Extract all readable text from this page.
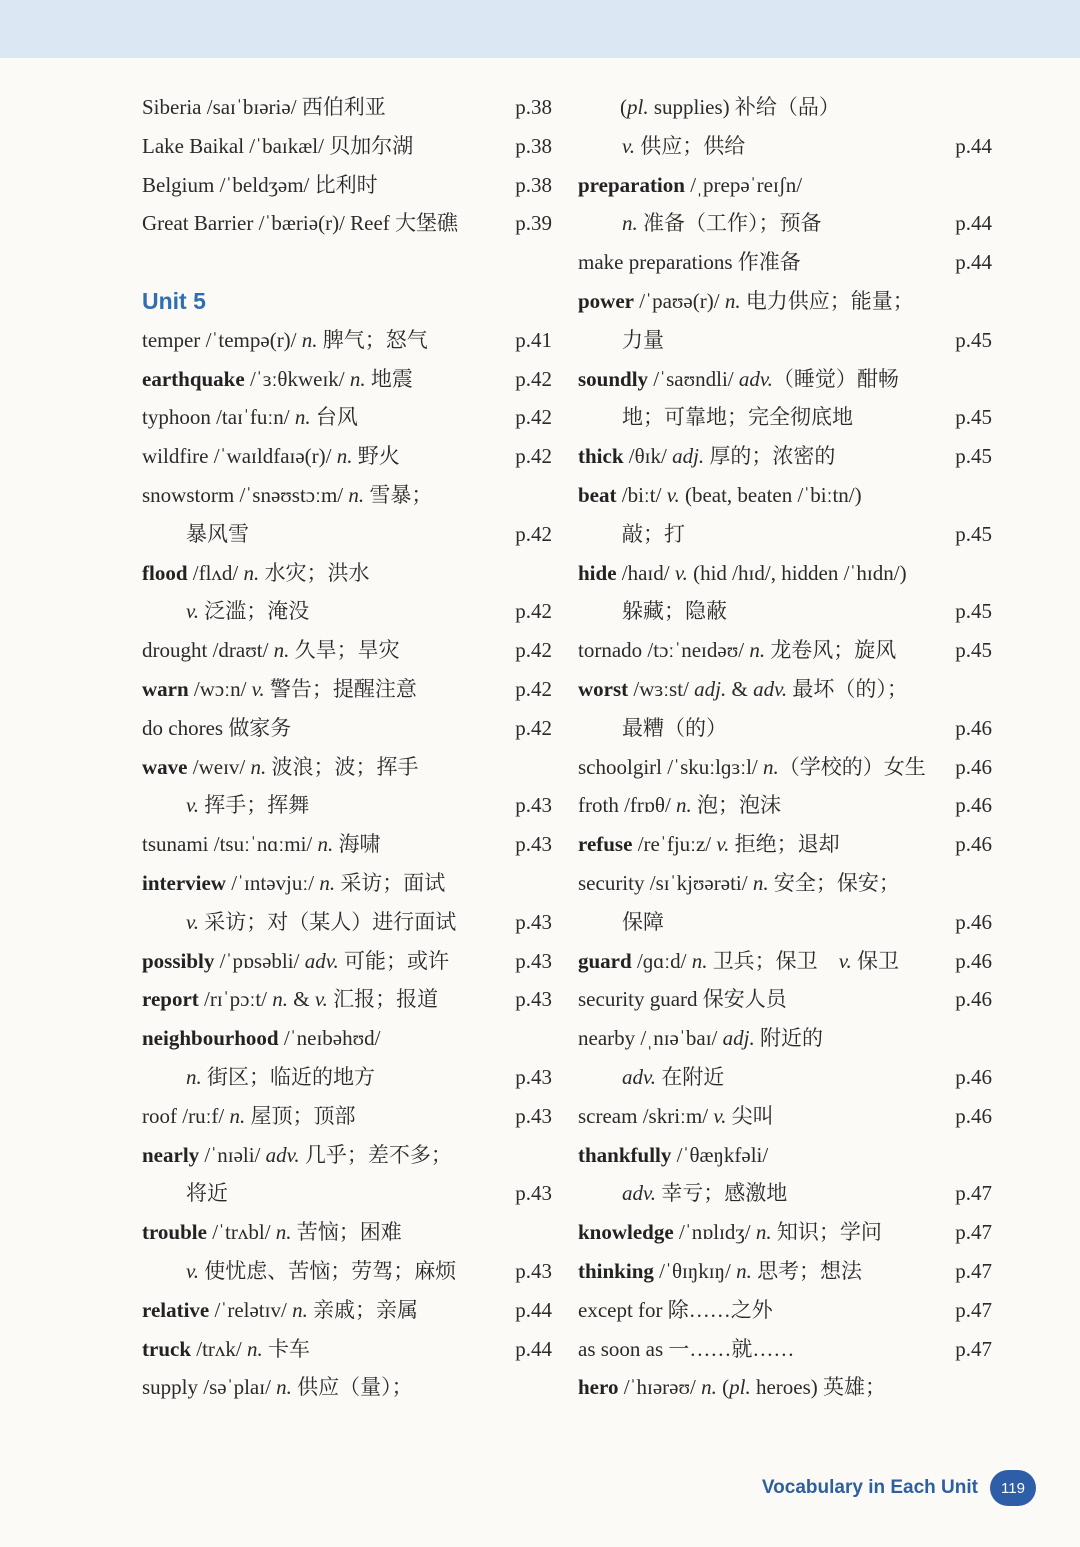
Siberia /saɪˈbɪəriə/ 西伯利亚	p.38
Lake Baikal /ˈbaɪkæl/ 贝加尔湖	p.38
Belgium /ˈbeldʒəm/ 比利时	p.38
Great Barrier /ˈbæriə(r)/ Reef 大堡礁	p.39
Unit 5
temper /ˈtempə(r)/ n. 脾气；怒气	p.41
earthquake /ˈɜːθkweɪk/ n. 地震	p.42
typhoon /taɪˈfuːn/ n. 台风	p.42
wildfire /ˈwaɪldfaɪə(r)/ n. 野火	p.42
snowstorm /ˈsnəʊstɔːm/ n. 雪暴；
暴风雪	p.42
flood /flʌd/ n. 水灾；洪水
v. 泛滥；淹没	p.42
drought /draʊt/ n. 久旱；旱灾	p.42
warn /wɔːn/ v. 警告；提醒注意	p.42
do chores 做家务	p.42
wave /weɪv/ n. 波浪；波；挥手
v. 挥手；挥舞	p.43
tsunami /tsuːˈnɑːmi/ n. 海啸	p.43
interview /ˈɪntəvjuː/ n. 采访；面试
v. 采访；对（某人）进行面试	p.43
possibly /ˈpɒsəbli/ adv. 可能；或许	p.43
report /rɪˈpɔːt/ n. & v. 汇报；报道	p.43
neighbourhood /ˈneɪbəhʊd/
n. 街区；临近的地方	p.43
roof /ruːf/ n. 屋顶；顶部	p.43
nearly /ˈnɪəli/ adv. 几乎；差不多；
将近	p.43
trouble /ˈtrʌbl/ n. 苦恼；困难
v. 使忧虑、苦恼；劳驾；麻烦	p.43
relative /ˈrelətɪv/ n. 亲戚；亲属	p.44
truck /trʌk/ n. 卡车	p.44
supply /səˈplaɪ/ n. 供应（量）；
(pl. supplies) 补给（品）
v. 供应；供给	p.44
preparation /ˌprepəˈreɪʃn/
n. 准备（工作）；预备	p.44
make preparations 作准备	p.44
power /ˈpaʊə(r)/ n. 电力供应；能量；
力量	p.45
soundly /ˈsaʊndli/ adv.（睡觉）酣畅
地；可靠地；完全彻底地	p.45
thick /θɪk/ adj. 厚的；浓密的	p.45
beat /biːt/ v. (beat, beaten /ˈbiːtn/)
敲；打	p.45
hide /haɪd/ v. (hid /hɪd/, hidden /ˈhɪdn/)
躲藏；隐蔽	p.45
tornado /tɔːˈneɪdəʊ/ n. 龙卷风；旋风	p.45
worst /wɜːst/ adj. & adv. 最坏（的）；
最糟（的）	p.46
schoolgirl /ˈskuːlɡɜːl/ n.（学校的）女生 p.46
froth /frɒθ/ n. 泡；泡沫	p.46
refuse /reˈfjuːz/ v. 拒绝；退却	p.46
security /sɪˈkjʊərəti/ n. 安全；保安；
保障	p.46
guard /ɡɑːd/ n. 卫兵；保卫　v. 保卫	p.46
security guard 保安人员	p.46
nearby /ˌnɪəˈbaɪ/ adj. 附近的
adv. 在附近	p.46
scream /skriːm/ v. 尖叫	p.46
thankfully /ˈθæŋkfəli/
adv. 幸亏；感激地	p.47
knowledge /ˈnɒlɪdʒ/ n. 知识；学问	p.47
thinking /ˈθɪŋkɪŋ/ n. 思考；想法	p.47
except for 除……之外	p.47
as soon as 一……就……	p.47
hero /ˈhɪərəʊ/ n. (pl. heroes) 英雄；
Vocabulary in Each Unit	119
